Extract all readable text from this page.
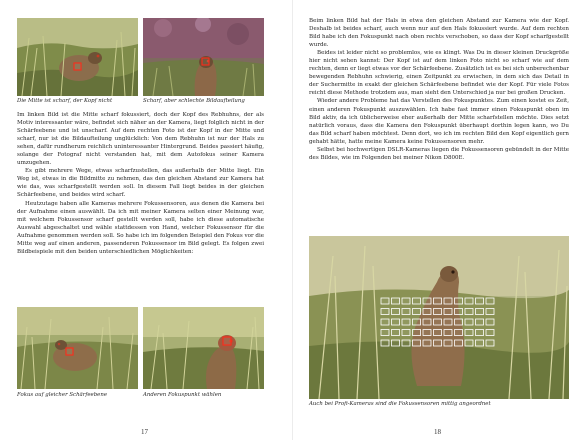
Die Mitte ist scharf, der Kopf nicht	Scharf, aber schlechte Bildaufteilung

Im linken Bild ist die Mitte scharf fokussiert, doch der Kopf des Rebhuhns, der als Motiv interessanter wäre, befindet sich näher an der Kamera, liegt folglich nicht in der Schärfeebene und ist unscharf. Auf dem rechten Foto ist der Kopf in der Mitte und scharf, nur ist die Bildaufteilung unglücklich: Von dem Rebhuhn ist nur der Hals zu sehen, dafür rundherum reichlich uninteressanter Hintergrund. Beides passiert häufig, solange der Fotograf nicht verstanden hat, mit dem Autofokus seiner Kamera umzugehen.

Es gibt mehrere Wege, etwas scharfzustellen, das außerhalb der Mitte liegt. Ein Weg ist, etwas in die Bildmitte zu nehmen, das den gleichen Abstand zur Kamera hat wie das, was scharfgestellt werden soll. In diesem Fall liegt beides in der gleichen Schärfeebene, und beides wird scharf.

Heutzutage haben alle Kameras mehrere Fokussensoren, aus denen die Kamera bei der Aufnahme einen auswählt. Da ich mit meiner Kamera selten einer Meinung war, mit welchem Fokussensor scharf gestellt werden soll, habe ich diese automatische Auswahl abgeschaltet und wähle stattdessen von Hand, welcher Fokussensor für die Aufnahme genommen werden soll. So habe ich im folgenden Beispiel den Fokus vor die Mitte weg auf einen anderen, passenderen Fokussensor im Bild gelegt. Es folgen zwei Bildbeispiele mit den beiden unterschiedlichen Möglichkeiten:

Fokus auf gleicher Schärfeebene	Anderen Fokuspunkt wählen
17

Beim linken Bild hat der Hals in etwa den gleichen Abstand zur Kamera wie der Kopf. Deshalb ist beides scharf, auch wenn nur auf den Hals fokussiert wurde. Auf dem rechten Bild habe ich den Fokuspunkt nach oben rechts verschoben, so dass der Kopf scharfgestellt wurde.

Beides ist leider nicht so problemlos, wie es klingt. Was Du in dieser kleinen Druckgröße hier nicht sehen kannst: Der Kopf ist auf dem linken Foto nicht so scharf wie auf dem rechten, denn er liegt etwas vor der Schärfeebene. Zusätzlich ist es bei sich unberechenbar bewegenden Rebhuhn schwierig, einen Zeitpunkt zu erwischen, in dem sich das Detail in der Suchermitte in exakt der gleichen Schärfeebene befindet wie der Kopf. Für viele Fotos reicht diese Methode trotzdem aus, man sieht den Unterschied ja nur bei großen Drucken.

Wieder andere Probleme hat das Verstellen des Fokuspunktes. Zum einen kostet es Zeit, einen anderen Fokuspunkt auszuwählen. Ich habe fast immer einen Fokuspunkt oben im Bild aktiv, da ich üblicherweise eher außerhalb der Mitte scharfstellen möchte. Dies setzt natürlich voraus, dass die Kamera den Fokuspunkt überhaupt dorthin legen kann, wo Du das Bild scharf haben möchtest. Denn dort, wo ich im rechten Bild den Kopf eigentlich gern gehabt hätte, hatte meine Kamera keine Fokussensoren mehr.

Selbst bei hochwertigen DSLR-Kameras liegen die Fokussensoren gebündelt in der Mitte des Bildes, wie im Folgenden bei meiner Nikon D800E.

Auch bei Profi-Kameras sind die Fokussensoren mittig angeordnet
18
